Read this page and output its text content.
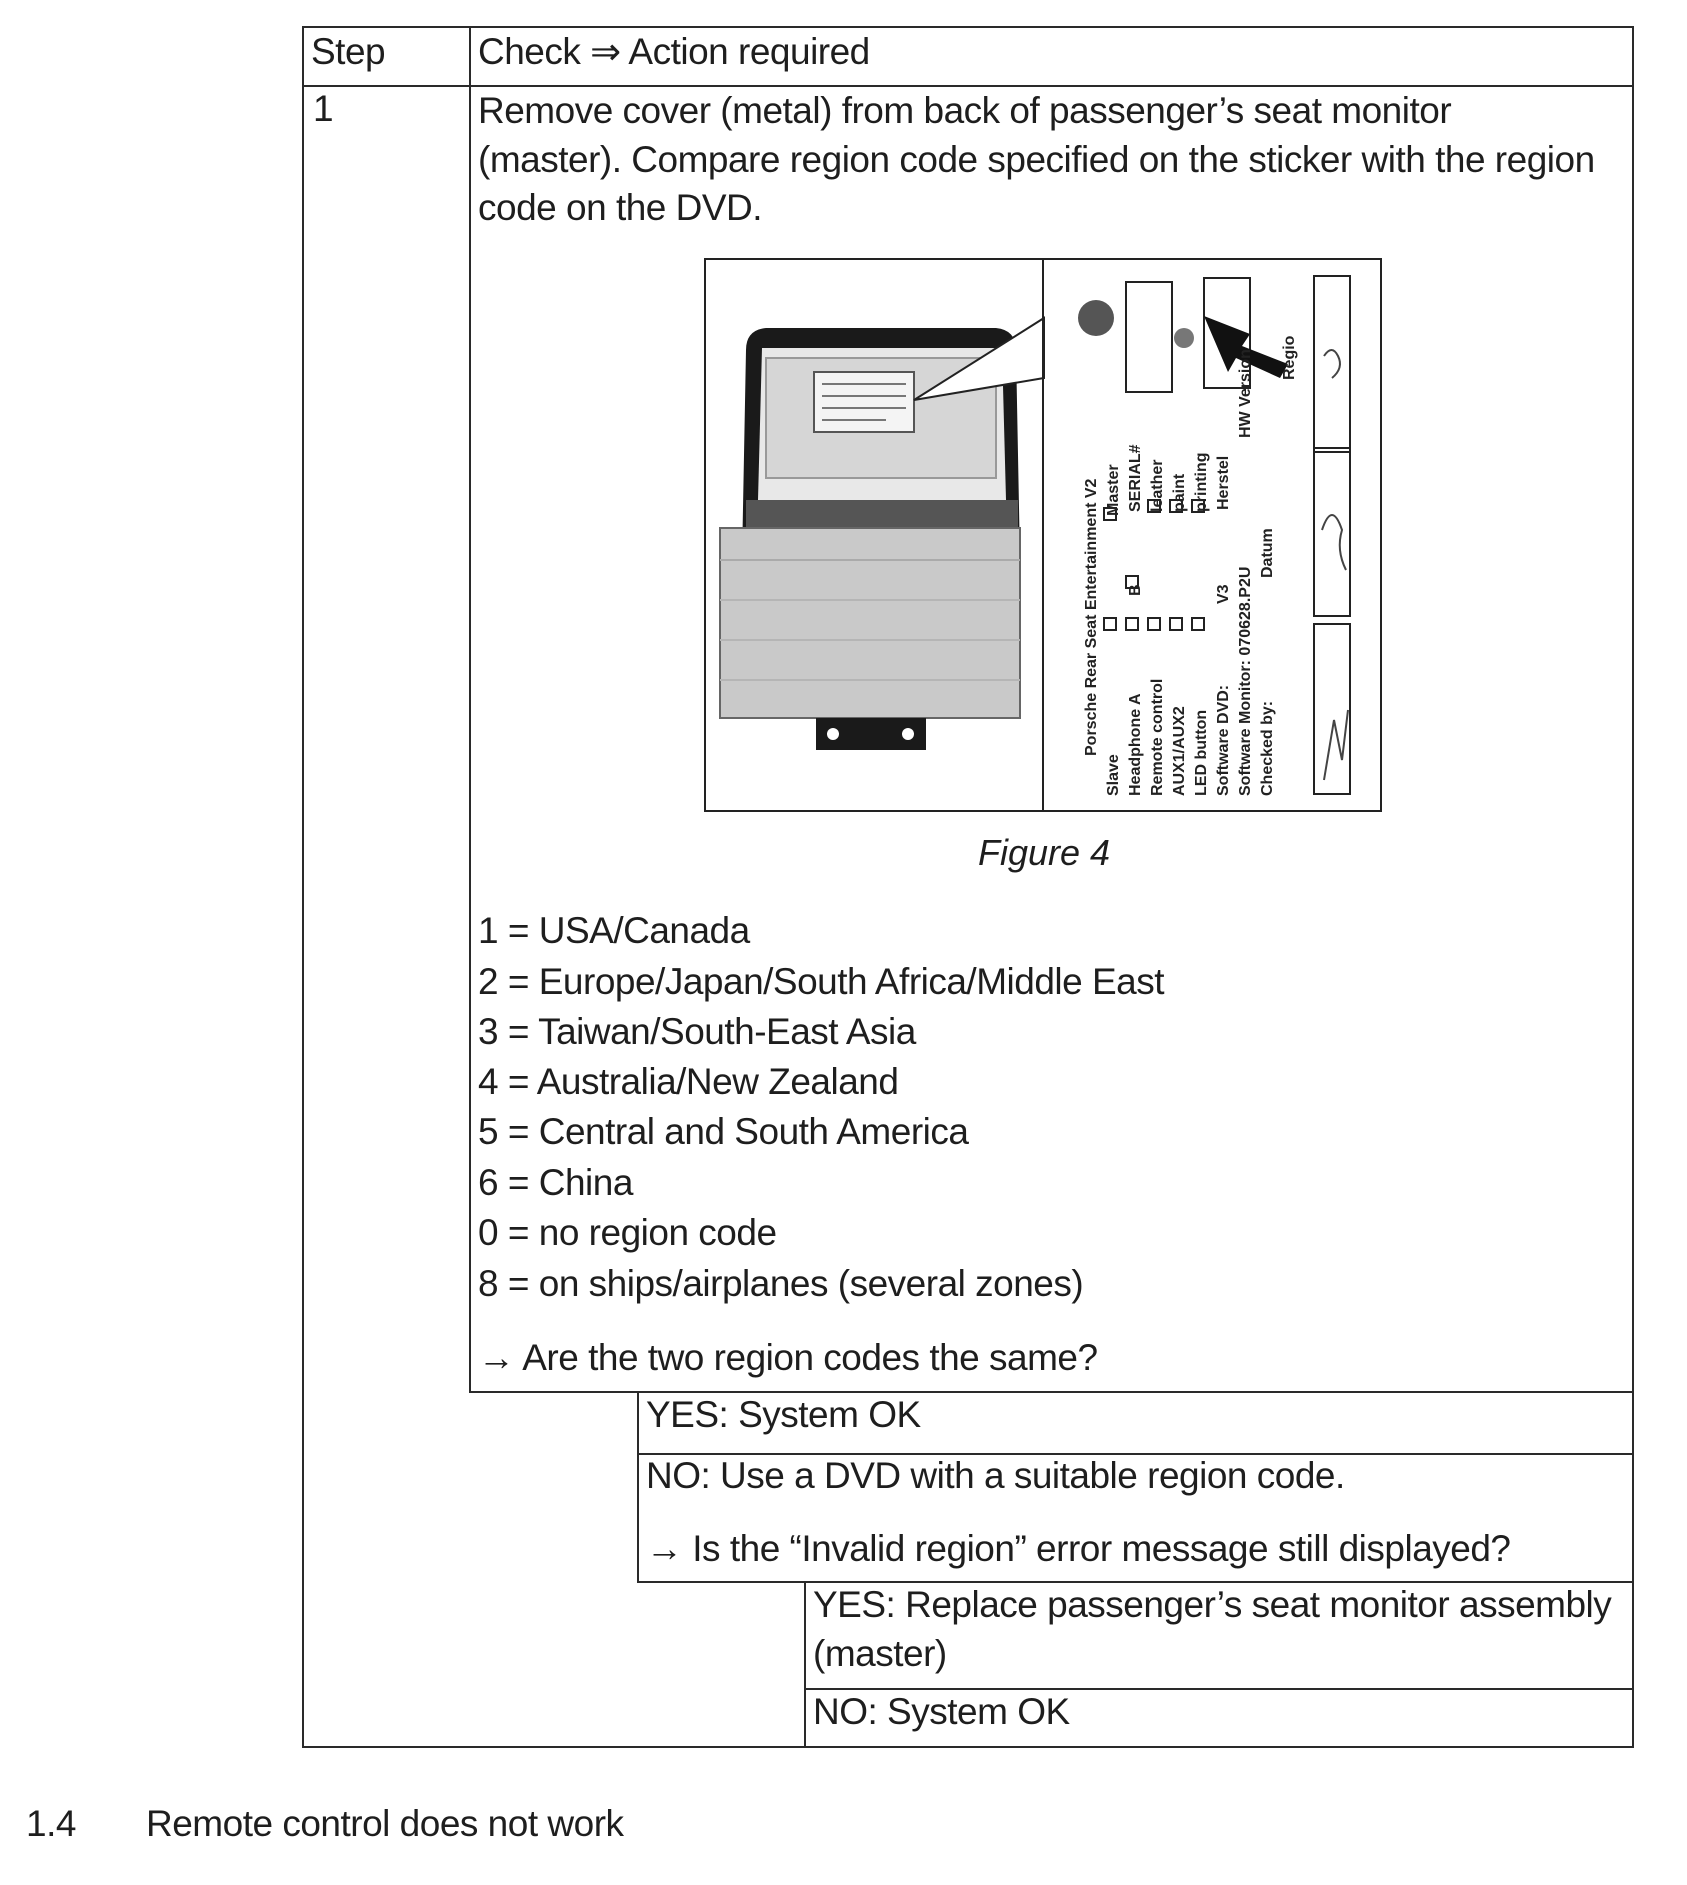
Step	Check ⇒ Action required
1	Remove cover (metal) from back of passenger’s seat monitor
(master). Compare region code specified on the sticker with the region
code on the DVD.
Porsche Rear Seat Entertainment V2
Slave
Master
Headphone A
B
SERIAL#
Remote control
leather
AUX1/AUX2
paint
LED button
printing
Software DVD:
V3
Herstel
Software Monitor: 070628.P2U
HW Version
Checked by:
Datum
Regio
Figure 4
1 = USA/Canada
2 = Europe/Japan/South Africa/Middle East
3 = Taiwan/South-East Asia
4 = Australia/New Zealand
5 = Central and South America
6 = China
0 = no region code
8 = on ships/airplanes (several zones)
→ Are the two region codes the same?
YES: System OK
NO: Use a DVD with a suitable region code.
→ Is the “Invalid region” error message still displayed?
YES: Replace passenger’s seat monitor assembly
(master)
NO: System OK
1.4 Remote control does not work
